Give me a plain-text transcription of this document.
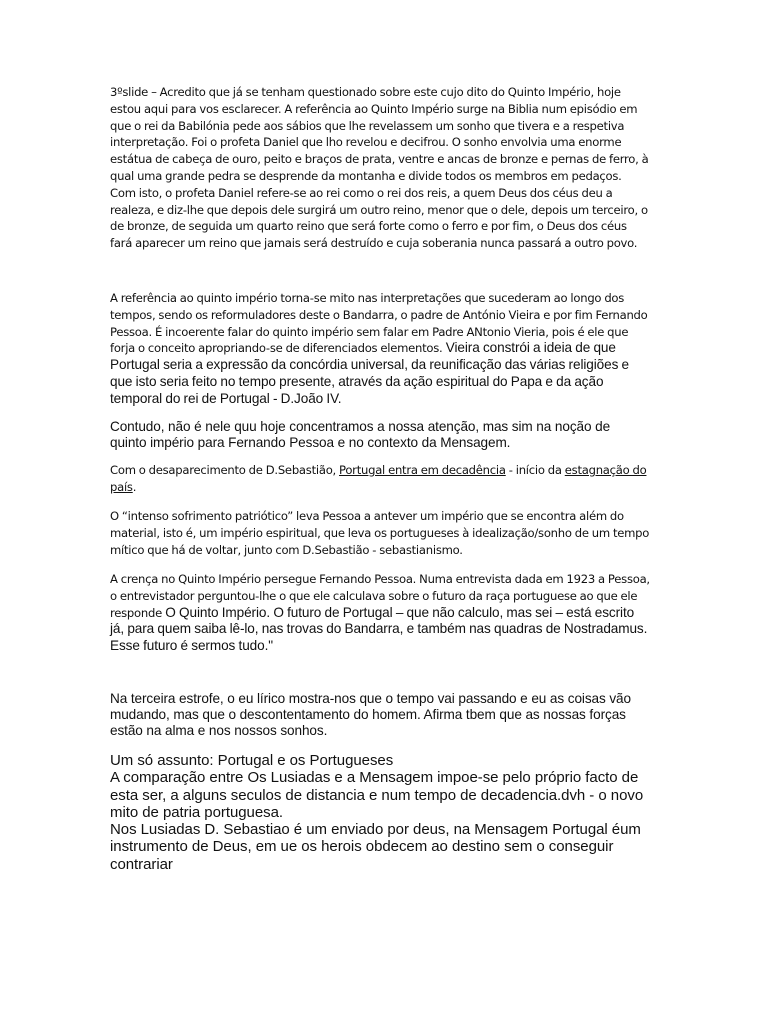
3ºslide – Acredito que já se tenham questionado sobre este cujo dito do Quinto Império, hoje estou aqui para vos esclarecer. A referência ao Quinto Império surge na Biblia num episódio em que o rei da Babilónia pede aos sábios que lhe revelassem um sonho que tivera e a respetiva interpretação. Foi o profeta Daniel que lho revelou e decifrou. O sonho envolvia uma enorme estátua de cabeça de ouro, peito e braços de prata, ventre e ancas de bronze e pernas de ferro, à qual uma grande pedra se desprende da montanha e divide todos os membros em pedaços. Com isto, o profeta Daniel refere-se ao rei como o rei dos reis, a quem Deus dos céus deu a realeza, e diz-lhe que depois dele surgirá um outro reino, menor que o dele, depois um terceiro, o de bronze, de seguida um quarto reino que será forte como o ferro e por fim, o Deus dos céus fará aparecer um reino que jamais será destruído e cuja soberania nunca passará a outro povo.

A referência ao quinto império torna-se mito nas interpretações que sucederam ao longo dos tempos, sendo os reformuladores deste o Bandarra, o padre de António Vieira e por fim Fernando Pessoa. É incoerente falar do quinto império sem falar em Padre ANtonio Vieria, pois é ele que forja o conceito apropriando-se de diferenciados elementos. Vieira constrói a ideia de que Portugal seria a expressão da concórdia universal, da reunificação das várias religiões e que isto seria feito no tempo presente, através da ação espiritual do Papa e da ação temporal do rei de Portugal - D.João IV.

Contudo, não é nele quu hoje concentramos a nossa atenção, mas sim na noção de quinto império para Fernando Pessoa e no contexto da Mensagem.

Com o desaparecimento de D.Sebastião, Portugal entra em decadência - início da estagnação do país.

O “intenso sofrimento patriótico” leva Pessoa a antever um império que se encontra além do material, isto é, um império espiritual, que leva os portugueses à idealização/sonho de um tempo mítico que há de voltar, junto com D.Sebastião - sebastianismo.

A crença no Quinto Império persegue Fernando Pessoa. Numa entrevista dada em 1923 a Pessoa, o entrevistador perguntou-lhe o que ele calculava sobre o futuro da raça portuguese ao que ele responde O Quinto Império. O futuro de Portugal – que não calculo, mas sei – está escrito já, para quem saiba lê-lo, nas trovas do Bandarra, e também nas quadras de Nostradamus. Esse futuro é sermos tudo."

Na terceira estrofe, o eu lírico mostra-nos que o tempo vai passando e eu as coisas vão mudando, mas que o descontentamento do homem. Afirma tbem que as nossas forças estão na alma e nos nossos sonhos.

Um só assunto: Portugal e os Portugueses
A comparação entre Os Lusiadas e a Mensagem impoe-se pelo próprio facto de esta ser, a alguns seculos de distancia e num tempo de decadencia.dvh - o novo mito de patria portuguesa.
Nos Lusiadas D. Sebastiao é um enviado por deus, na Mensagem Portugal éum instrumento de Deus, em ue os herois obdecem ao destino sem o conseguir contrariar
